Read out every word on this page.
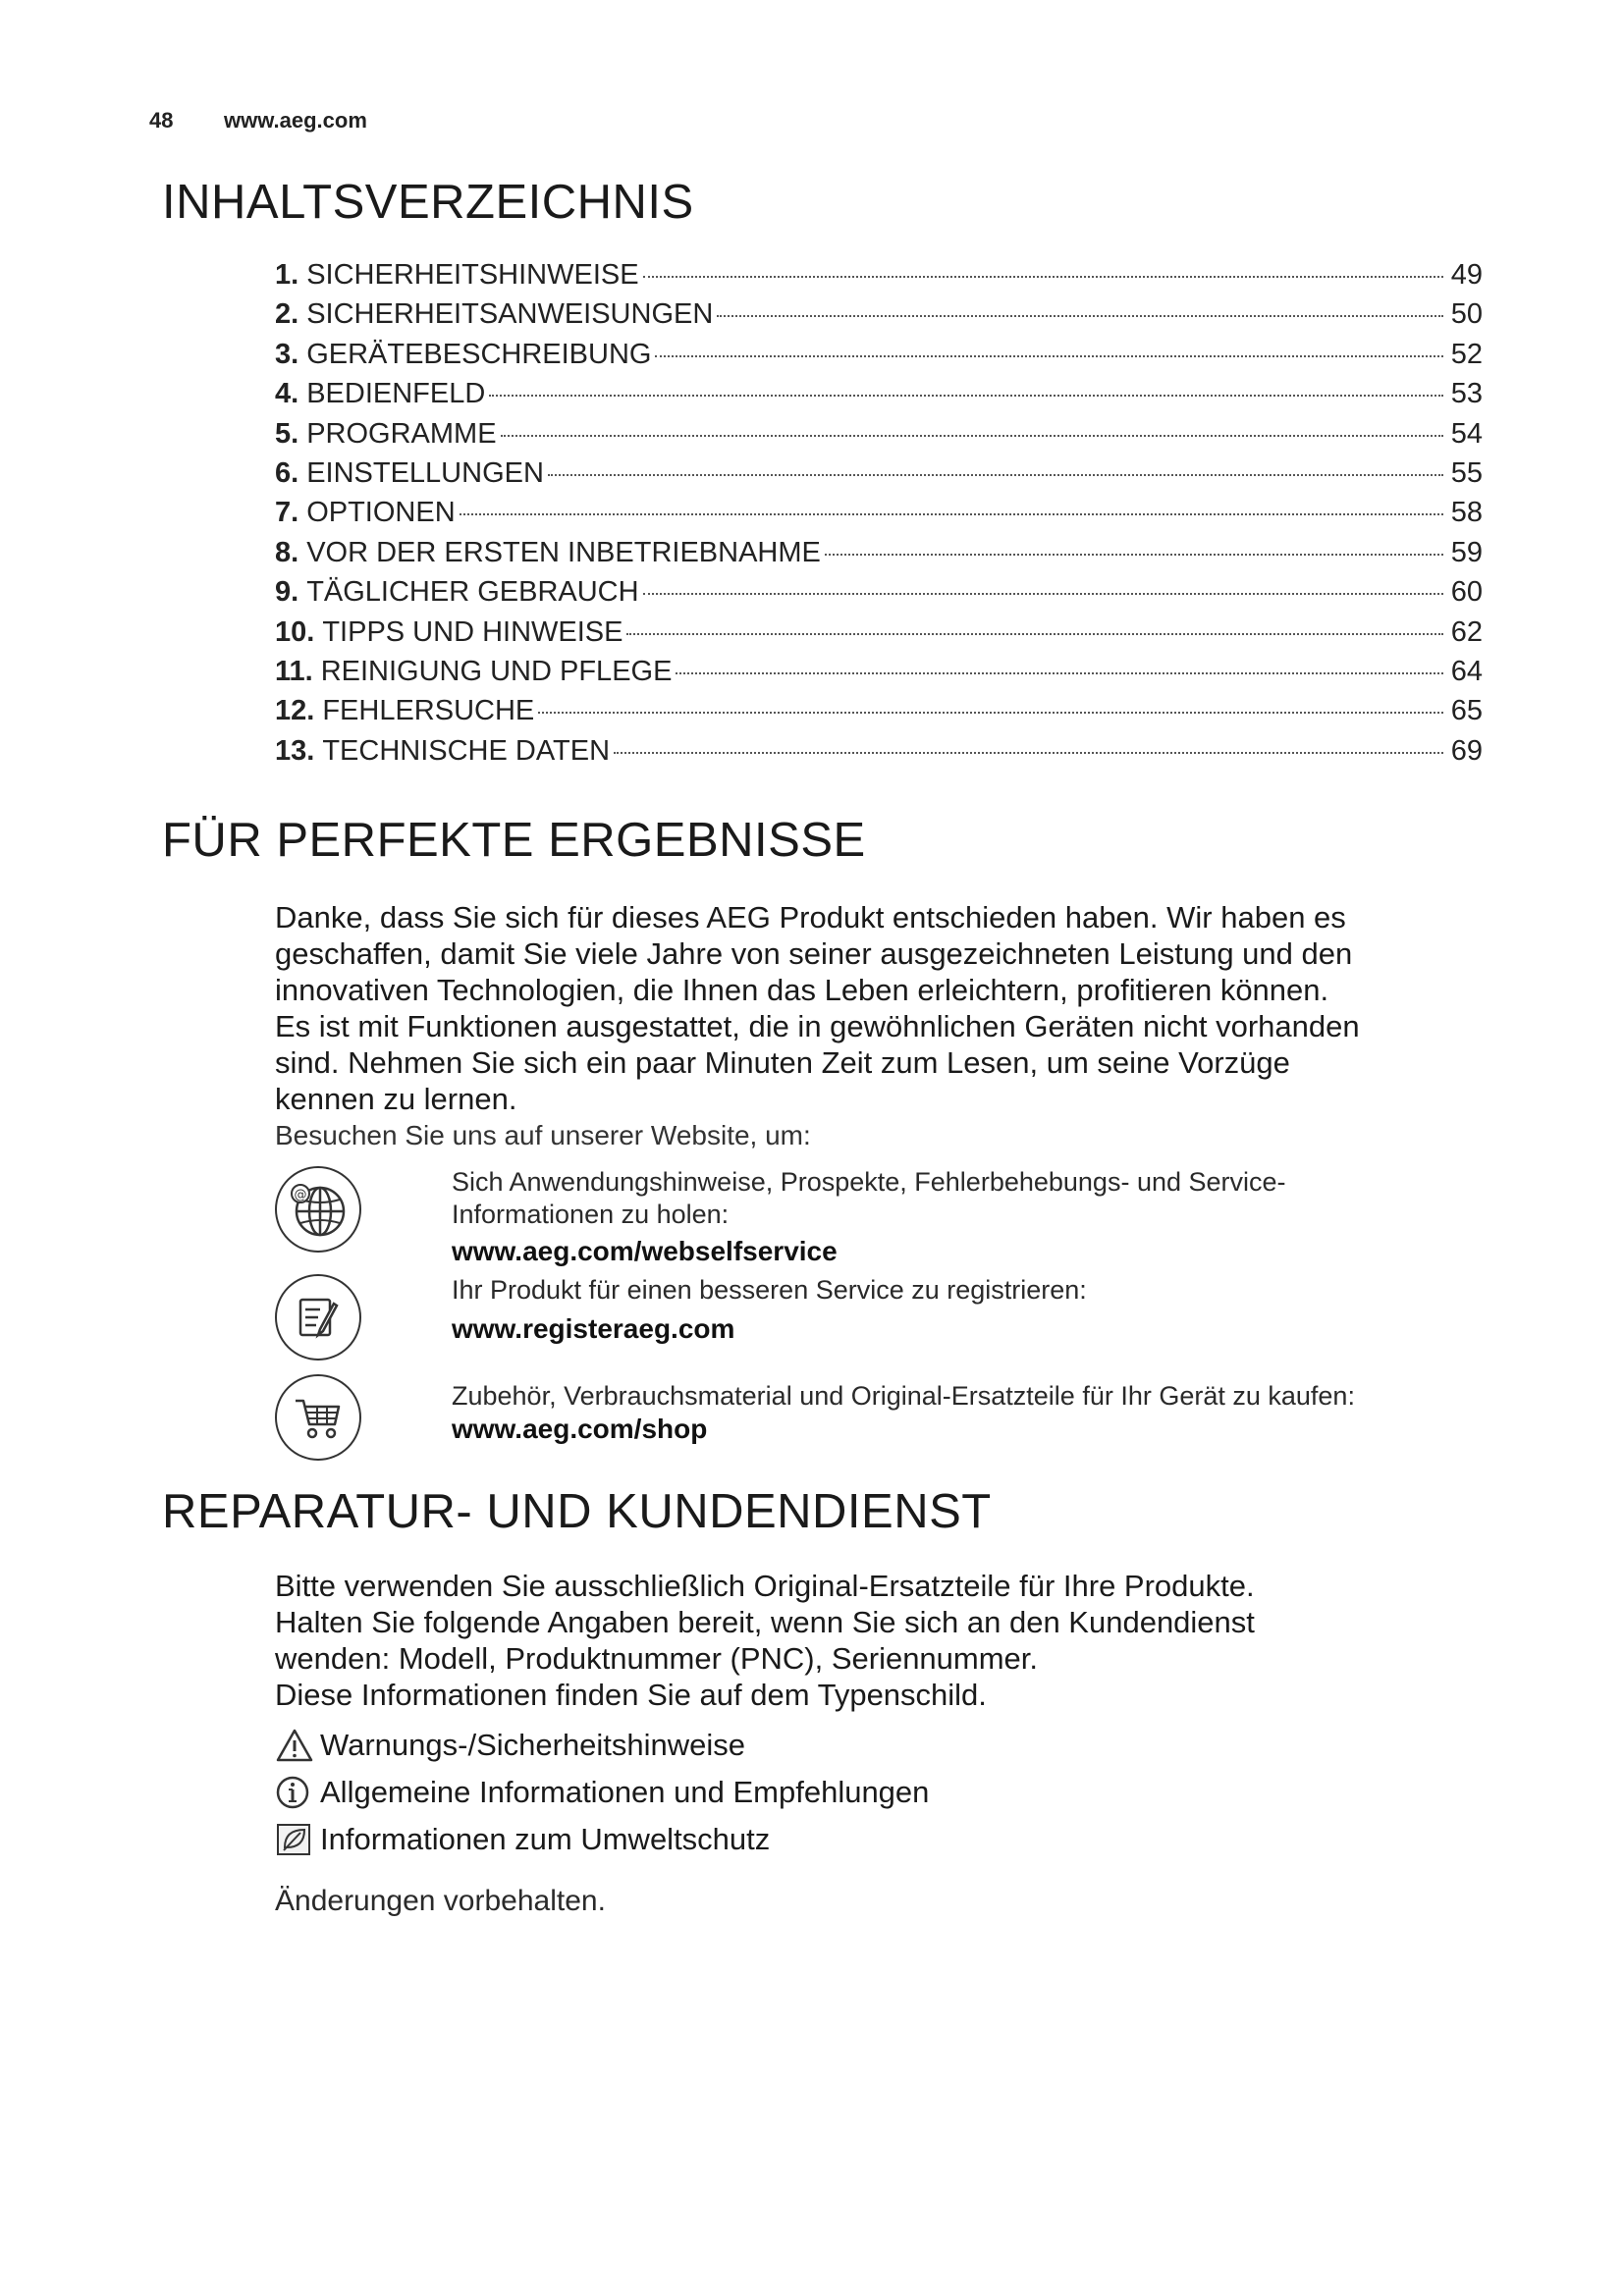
48 www.aeg.com
INHALTSVERZEICHNIS
1. SICHERHEITSHINWEISE	49
2. SICHERHEITSANWEISUNGEN	50
3. GERÄTEBESCHREIBUNG	52
4. BEDIENFELD	53
5. PROGRAMME	54
6. EINSTELLUNGEN	55
7. OPTIONEN	58
8. VOR DER ERSTEN INBETRIEBNAHME	59
9. TÄGLICHER GEBRAUCH	60
10. TIPPS UND HINWEISE	62
11. REINIGUNG UND PFLEGE	64
12. FEHLERSUCHE	65
13. TECHNISCHE DATEN	69
FÜR PERFEKTE ERGEBNISSE
Danke, dass Sie sich für dieses AEG Produkt entschieden haben. Wir haben es
geschaffen, damit Sie viele Jahre von seiner ausgezeichneten Leistung und den
innovativen Technologien, die Ihnen das Leben erleichtern, profitieren können.
Es ist mit Funktionen ausgestattet, die in gewöhnlichen Geräten nicht vorhanden
sind. Nehmen Sie sich ein paar Minuten Zeit zum Lesen, um seine Vorzüge
kennen zu lernen.
Besuchen Sie uns auf unserer Website, um:
@	Sich Anwendungshinweise, Prospekte, Fehlerbehebungs- und Service-
Informationen zu holen:
www.aeg.com/webselfservice
Ihr Produkt für einen besseren Service zu registrieren:
www.registeraeg.com
Zubehör, Verbrauchsmaterial und Original-Ersatzteile für Ihr Gerät zu kaufen:
www.aeg.com/shop
REPARATUR- UND KUNDENDIENST
Bitte verwenden Sie ausschließlich Original-Ersatzteile für Ihre Produkte.
Halten Sie folgende Angaben bereit, wenn Sie sich an den Kundendienst
wenden: Modell, Produktnummer (PNC), Seriennummer.
Diese Informationen finden Sie auf dem Typenschild.
Warnungs-/Sicherheitshinweise
Allgemeine Informationen und Empfehlungen
Informationen zum Umweltschutz
Änderungen vorbehalten.
